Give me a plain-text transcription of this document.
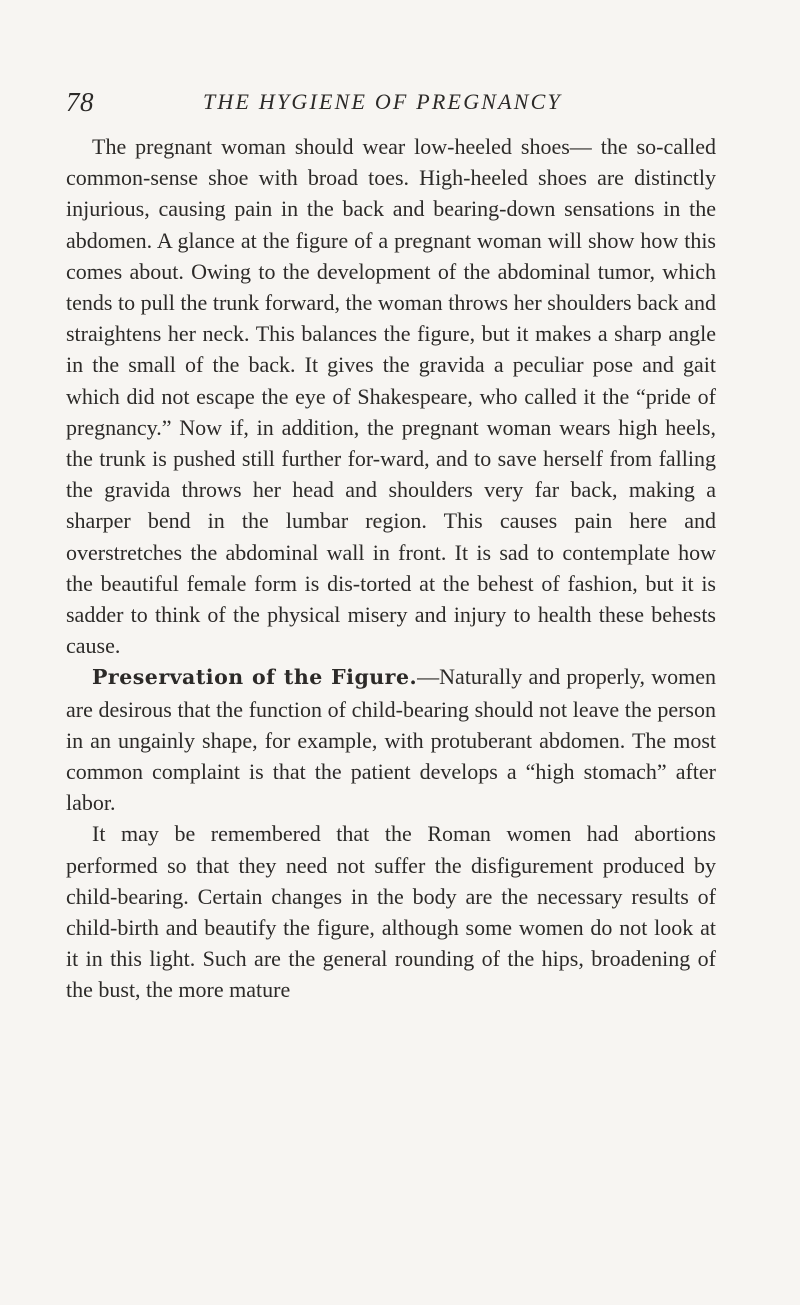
78	THE HYGIENE OF PREGNANCY

The pregnant woman should wear low-heeled shoes— the so-called common-sense shoe with broad toes. High-heeled shoes are distinctly injurious, causing pain in the back and bearing-down sensations in the abdomen. A glance at the figure of a pregnant woman will show how this comes about. Owing to the development of the abdominal tumor, which tends to pull the trunk forward, the woman throws her shoulders back and straightens her neck. This balances the figure, but it makes a sharp angle in the small of the back. It gives the gravida a peculiar pose and gait which did not escape the eye of Shakespeare, who called it the “pride of pregnancy.” Now if, in addition, the pregnant woman wears high heels, the trunk is pushed still further for-ward, and to save herself from falling the gravida throws her head and shoulders very far back, making a sharper bend in the lumbar region. This causes pain here and overstretches the abdominal wall in front. It is sad to contemplate how the beautiful female form is dis-torted at the behest of fashion, but it is sadder to think of the physical misery and injury to health these behests cause.

Preservation of the Figure.—Naturally and properly, women are desirous that the function of child-bearing should not leave the person in an ungainly shape, for example, with protuberant abdomen. The most common complaint is that the patient develops a “high stomach” after labor.

It may be remembered that the Roman women had abortions performed so that they need not suffer the disfigurement produced by child-bearing. Certain changes in the body are the necessary results of child-birth and beautify the figure, although some women do not look at it in this light. Such are the general rounding of the hips, broadening of the bust, the more mature
